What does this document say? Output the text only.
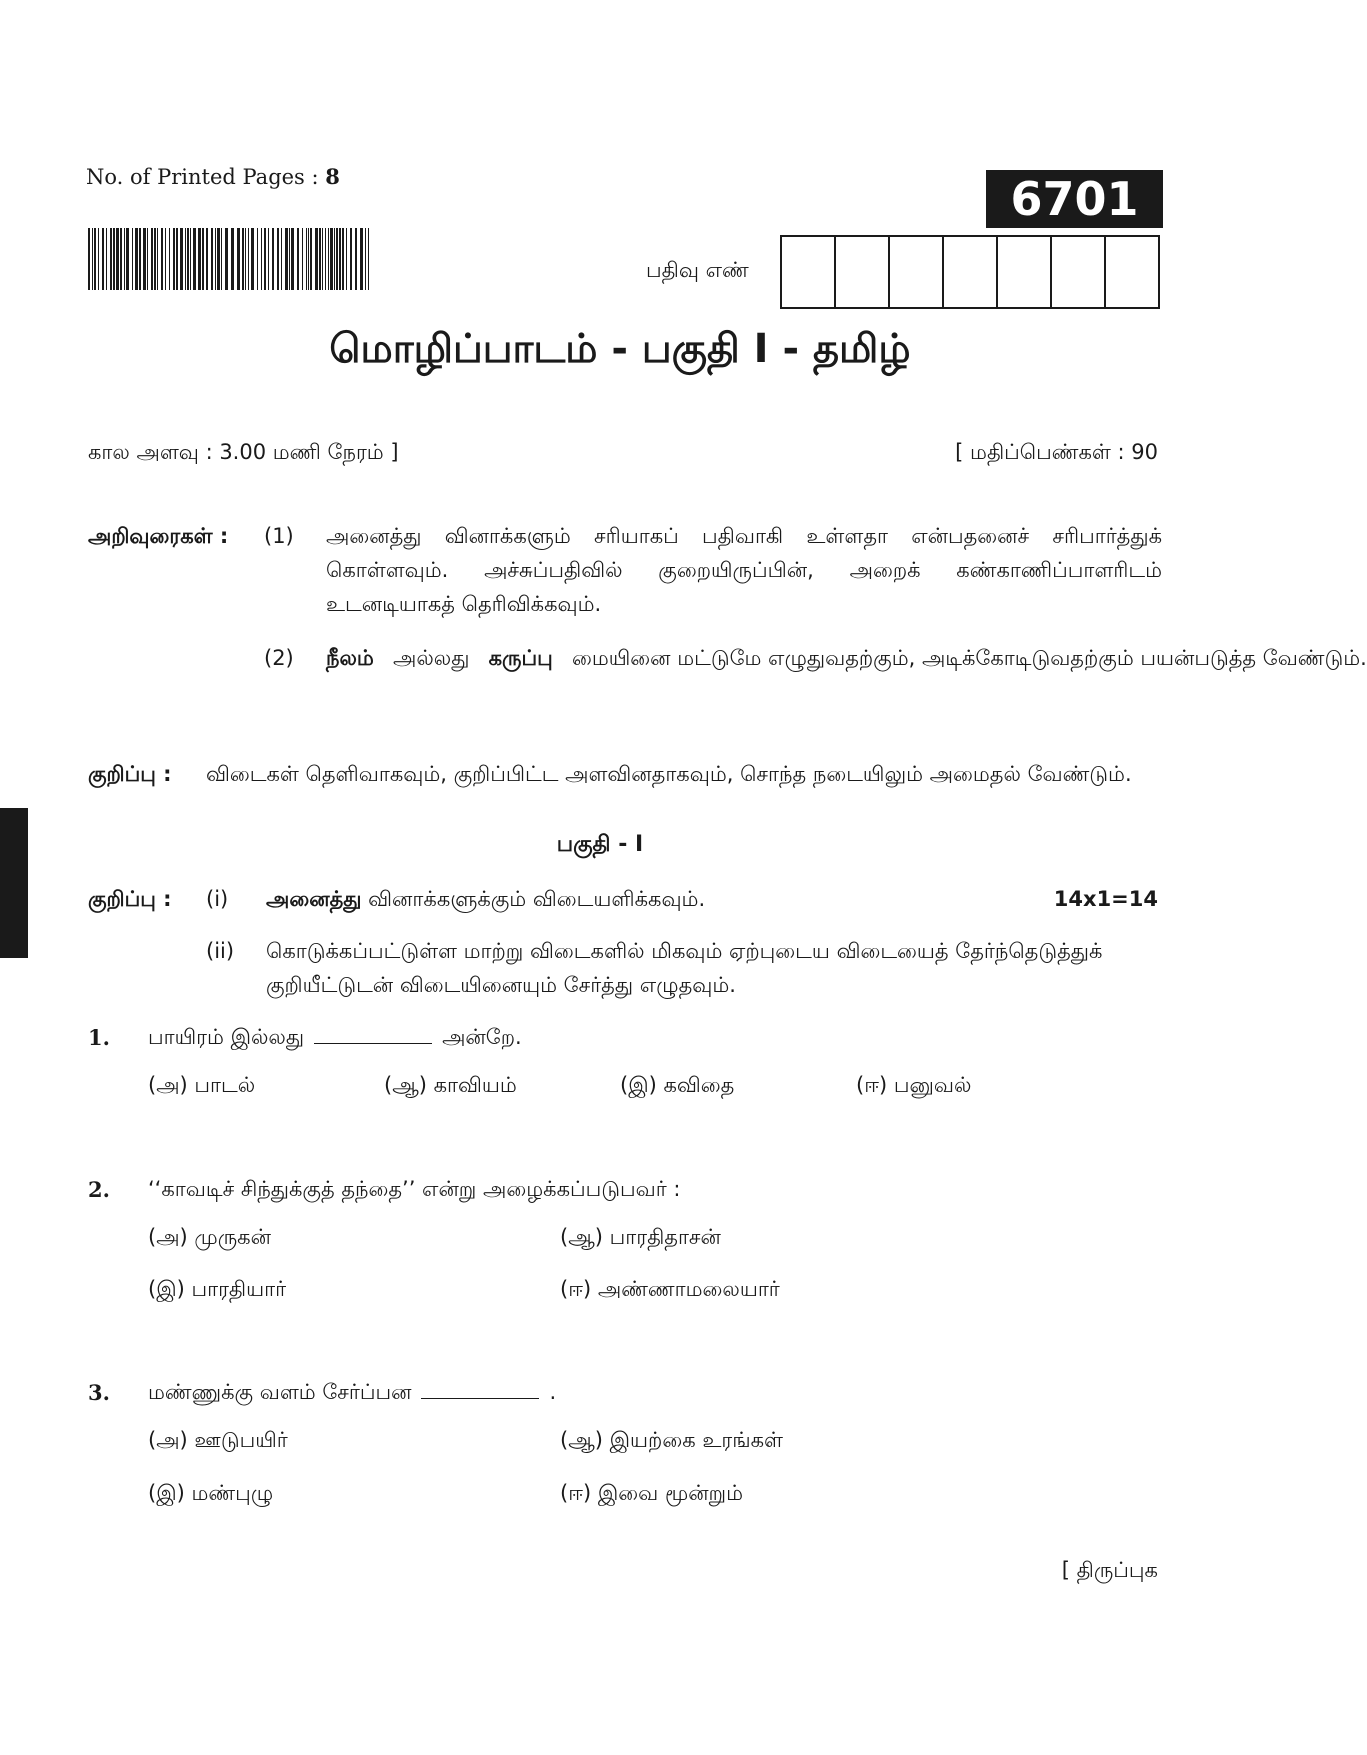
No. of Printed Pages : 8	6701
பதிவு எண்
மொழிப்பாடம் - பகுதி I - தமிழ்
கால அளவு : 3.00 மணி நேரம் ]	[ மதிப்பெண்கள் : 90
அறிவுரைகள் : (1) அனைத்து வினாக்களும் சரியாகப் பதிவாகி உள்ளதா என்பதனைச் சரிபார்த்துக் கொள்ளவும். அச்சுப்பதிவில் குறையிருப்பின், அறைக் கண்காணிப்பாளரிடம் உடனடியாகத் தெரிவிக்கவும்.
(2) நீலம் அல்லது கருப்பு மையினை மட்டுமே எழுதுவதற்கும், அடிக்கோடிடுவதற்கும் பயன்படுத்த வேண்டும்.
குறிப்பு : விடைகள் தெளிவாகவும், குறிப்பிட்ட அளவினதாகவும், சொந்த நடையிலும் அமைதல் வேண்டும்.
பகுதி - I
குறிப்பு : (i) அனைத்து வினாக்களுக்கும் விடையளிக்கவும்.	14x1=14
(ii) கொடுக்கப்பட்டுள்ள மாற்று விடைகளில் மிகவும் ஏற்புடைய விடையைத் தேர்ந்தெடுத்துக் குறியீட்டுடன் விடையினையும் சேர்த்து எழுதவும்.
1. பாயிரம் இல்லது	அன்றே.
(அ) பாடல்	(ஆ) காவியம்	(இ) கவிதை	(ஈ) பனுவல்
2. ‘‘காவடிச் சிந்துக்குத் தந்தை’’ என்று அழைக்கப்படுபவர் :
(அ) முருகன்	(ஆ) பாரதிதாசன்
(இ) பாரதியார்	(ஈ) அண்ணாமலையார்
3. மண்ணுக்கு வளம் சேர்ப்பன	.
(அ) ஊடுபயிர்	(ஆ) இயற்கை உரங்கள்
(இ) மண்புழு	(ஈ) இவை மூன்றும்
[ திருப்புக
